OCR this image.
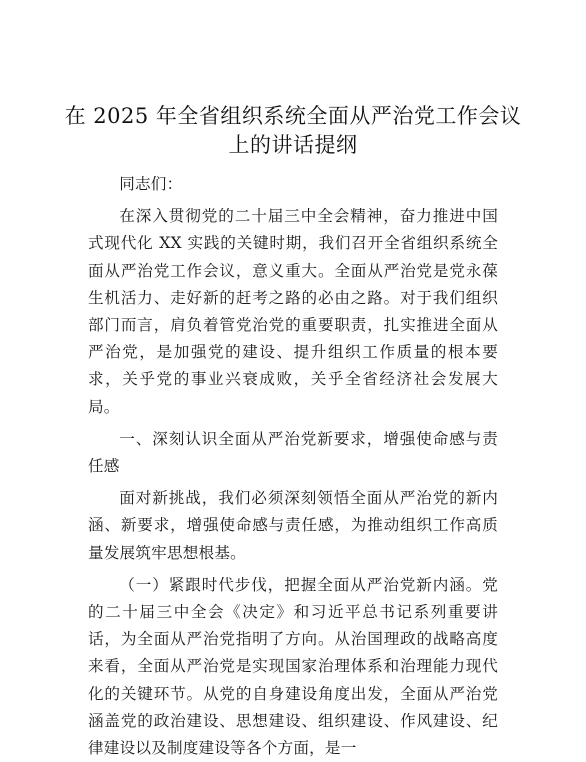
在 2025 年全省组织系统全面从严治党工作会议
上的讲话提纲

同志们：

在深入贯彻党的二十届三中全会精神，奋力推进中国式现代化 XX 实践的关键时期，我们召开全省组织系统全面从严治党工作会议，意义重大。全面从严治党是党永葆生机活力、走好新的赶考之路的必由之路。对于我们组织部门而言，肩负着管党治党的重要职责，扎实推进全面从严治党，是加强党的建设、提升组织工作质量的根本要求，关乎党的事业兴衰成败，关乎全省经济社会发展大局。

一、深刻认识全面从严治党新要求，增强使命感与责任感

面对新挑战，我们必须深刻领悟全面从严治党的新内涵、新要求，增强使命感与责任感，为推动组织工作高质量发展筑牢思想根基。

（一）紧跟时代步伐，把握全面从严治党新内涵。党的二十届三中全会《决定》和习近平总书记系列重要讲话，为全面从严治党指明了方向。从治国理政的战略高度来看，全面从严治党是实现国家治理体系和治理能力现代化的关键环节。从党的自身建设角度出发，全面从严治党涵盖党的政治建设、思想建设、组织建设、作风建设、纪律建设以及制度建设等各个方面，是一
